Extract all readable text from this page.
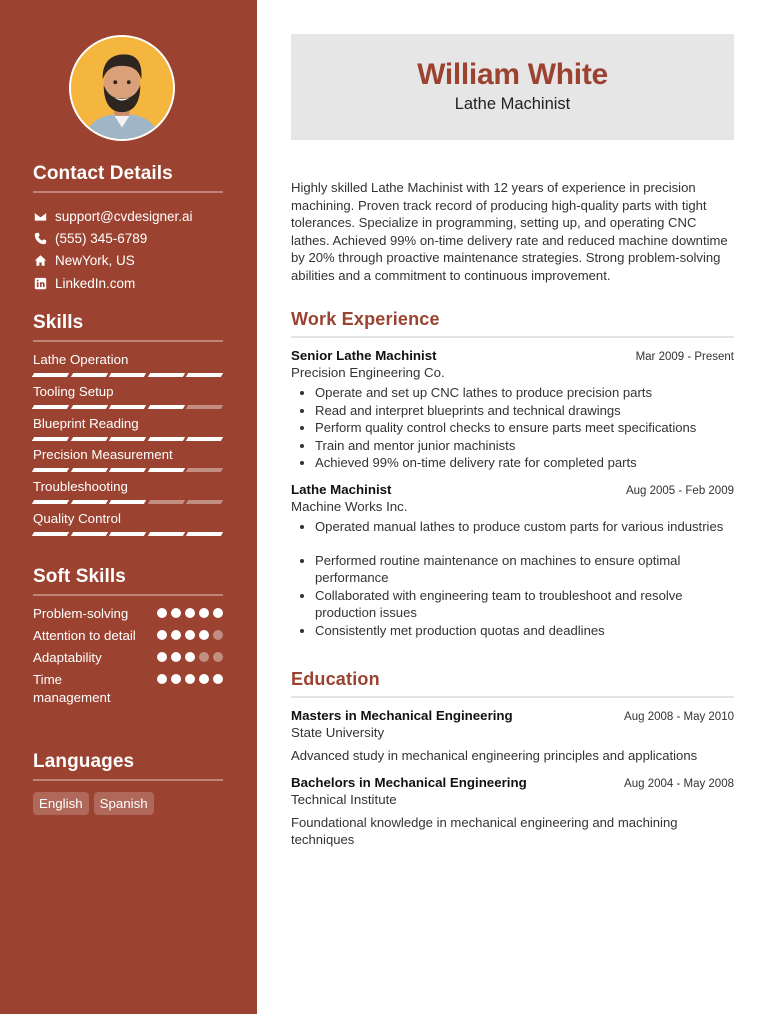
Contact Details
support@cvdesigner.ai
(555) 345-6789
NewYork, US
LinkedIn.com
Skills
Lathe Operation
Tooling Setup
Blueprint Reading
Precision Measurement
Troubleshooting
Quality Control
Soft Skills
Problem-solving
Attention to detail
Adaptability
Time management
Languages
English	Spanish
William White
Lathe Machinist

Highly skilled Lathe Machinist with 12 years of experience in precision machining. Proven track record of producing high-quality parts with tight tolerances. Specialize in programming, setting up, and operating CNC lathes. Achieved 99% on-time delivery rate and reduced machine downtime by 20% through proactive maintenance strategies. Strong problem-solving abilities and a commitment to continuous improvement.

Work Experience
Senior Lathe Machinist	Mar 2009 - Present
Precision Engineering Co.
• Operate and set up CNC lathes to produce precision parts
• Read and interpret blueprints and technical drawings
• Perform quality control checks to ensure parts meet specifications
• Train and mentor junior machinists
• Achieved 99% on-time delivery rate for completed parts
Lathe Machinist	Aug 2005 - Feb 2009
Machine Works Inc.
• Operated manual lathes to produce custom parts for various industries
• Performed routine maintenance on machines to ensure optimal performance
• Collaborated with engineering team to troubleshoot and resolve production issues
• Consistently met production quotas and deadlines
Education
Masters in Mechanical Engineering	Aug 2008 - May 2010
State University
Advanced study in mechanical engineering principles and applications
Bachelors in Mechanical Engineering	Aug 2004 - May 2008
Technical Institute
Foundational knowledge in mechanical engineering and machining techniques
